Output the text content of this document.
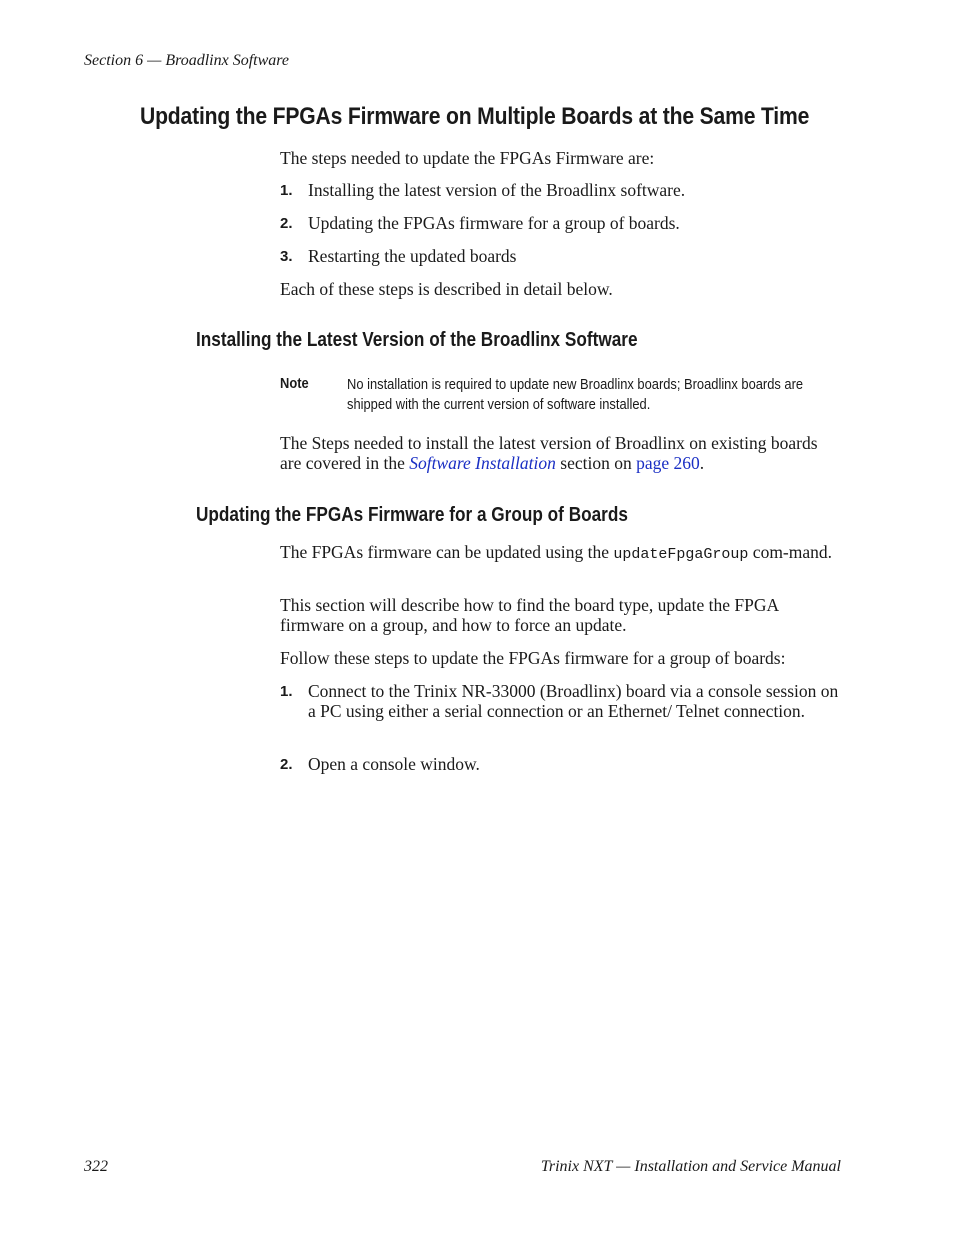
Section 6 — Broadlinx Software
Updating the FPGAs Firmware on Multiple Boards at the Same Time

The steps needed to update the FPGAs Firmware are:

1. Installing the latest version of the Broadlinx software.
2. Updating the FPGAs firmware for a group of boards.
3. Restarting the updated boards

Each of these steps is described in detail below.

Installing the Latest Version of the Broadlinx Software
Note	No installation is required to update new Broadlinx boards; Broadlinx boards are shipped with the current version of software installed.

The Steps needed to install the latest version of Broadlinx on existing boards are covered in the Software Installation section on page 260.

Updating the FPGAs Firmware for a Group of Boards

The FPGAs firmware can be updated using the updateFpgaGroup com-mand.

This section will describe how to find the board type, update the FPGA firmware on a group, and how to force an update.

Follow these steps to update the FPGAs firmware for a group of boards:

1. Connect to the Trinix NR-33000 (Broadlinx) board via a console session on a PC using either a serial connection or an Ethernet/ Telnet connection.
2. Open a console window.
322	Trinix NXT — Installation and Service Manual
